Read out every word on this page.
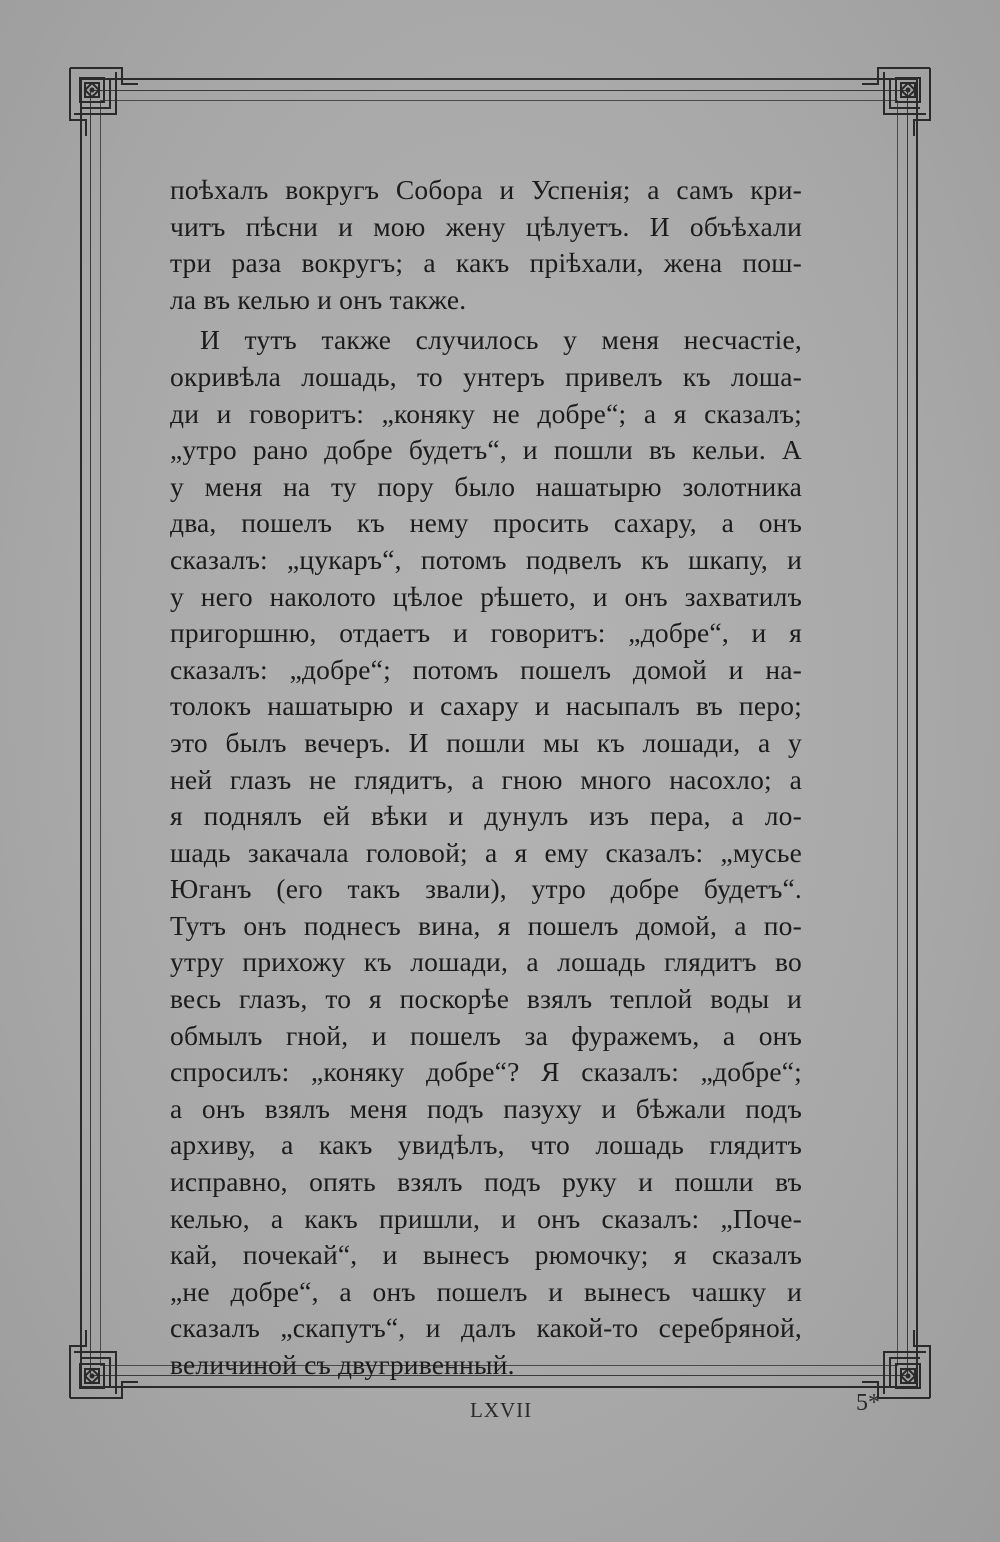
поѣхалъ вокругъ Собора и Успенія; а самъ кри-
читъ пѣсни и мою жену цѣлуетъ. И объѣхали
три раза вокругъ; а какъ пріѣхали, жена пош-
ла въ келью и онъ также.

И тутъ также случилось у меня несчастіе,
окривѣла лошадь, то унтеръ привелъ къ лоша-
ди и говоритъ: „коняку не добре“; а я сказалъ;
„утро рано добре будетъ“, и пошли въ кельи. А
у меня на ту пору было нашатырю золотника
два, пошелъ къ нему просить сахару, а онъ
сказалъ: „цукаръ“, потомъ подвелъ къ шкапу, и
у него наколото цѣлое рѣшето, и онъ захватилъ
пригоршню, отдаетъ и говоритъ: „добре“, и я
сказалъ: „добре“; потомъ пошелъ домой и на-
толокъ нашатырю и сахару и насыпалъ въ перо;
это былъ вечеръ. И пошли мы къ лошади, а у
ней глазъ не глядитъ, а гною много насохло; а
я поднялъ ей вѣки и дунулъ изъ пера, а ло-
шадь закачала головой; а я ему сказалъ: „мусье
Юганъ (его такъ звали), утро добре будетъ“.
Тутъ онъ поднесъ вина, я пошелъ домой, а по-
утру прихожу къ лошади, а лошадь глядитъ во
весь глазъ, то я поскорѣе взялъ теплой воды и
обмылъ гной, и пошелъ за фуражемъ, а онъ
спросилъ: „коняку добре“? Я сказалъ: „добре“;
а онъ взялъ меня подъ пазуху и бѣжали подъ
архиву, а какъ увидѣлъ, что лошадь глядитъ
исправно, опять взялъ подъ руку и пошли въ
келью, а какъ пришли, и онъ сказалъ: „Поче-
кай, почекай“, и вынесъ рюмочку; я сказалъ
„не добре“, а онъ пошелъ и вынесъ чашку и
сказалъ „скапутъ“, и далъ какой-то серебряной,
величиной съ двугривенный.

LXVII	5*
